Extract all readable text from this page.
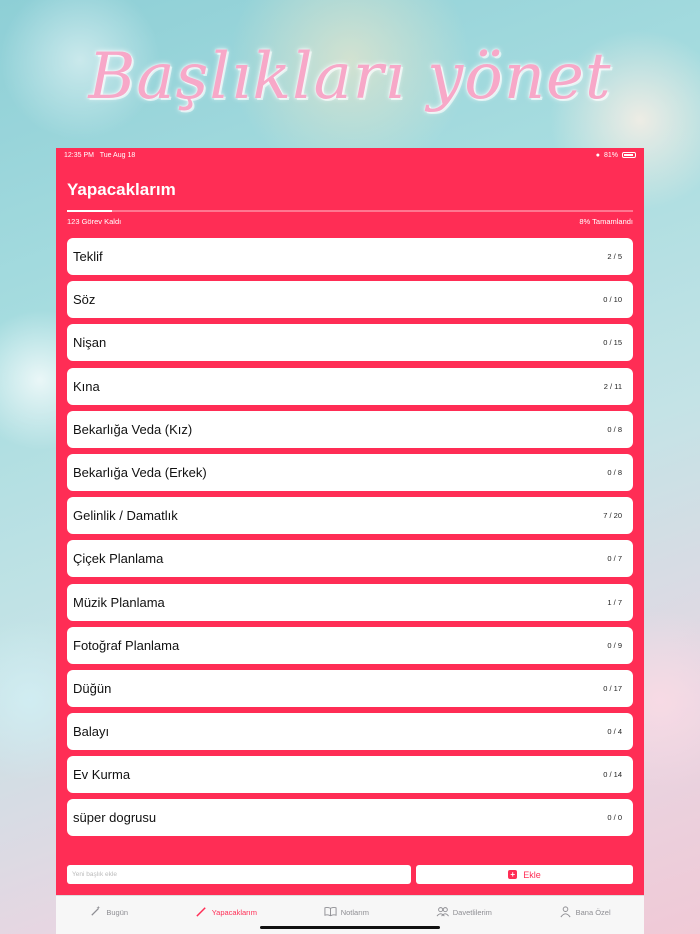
Başlıkları yönet
12:35 PM Tue Aug 18	● 81%
Yapacaklarım
123 Görev Kaldı	8% Tamamlandı
Teklif	2 / 5
Söz	0 / 10
Nişan	0 / 15
Kına	2 / 11
Bekarlığa Veda (Kız)	0 / 8
Bekarlığa Veda (Erkek)	0 / 8
Gelinlik / Damatlık	7 / 20
Çiçek Planlama	0 / 7
Müzik Planlama	1 / 7
Fotoğraf Planlama	0 / 9
Düğün	0 / 17
Balayı	0 / 4
Ev Kurma	0 / 14
süper dogrusu	0 / 0
Yeni başlık ekle
+ Ekle
Bugün	Yapacaklarım	Notlarım	Davetlilerim	Bana Özel
